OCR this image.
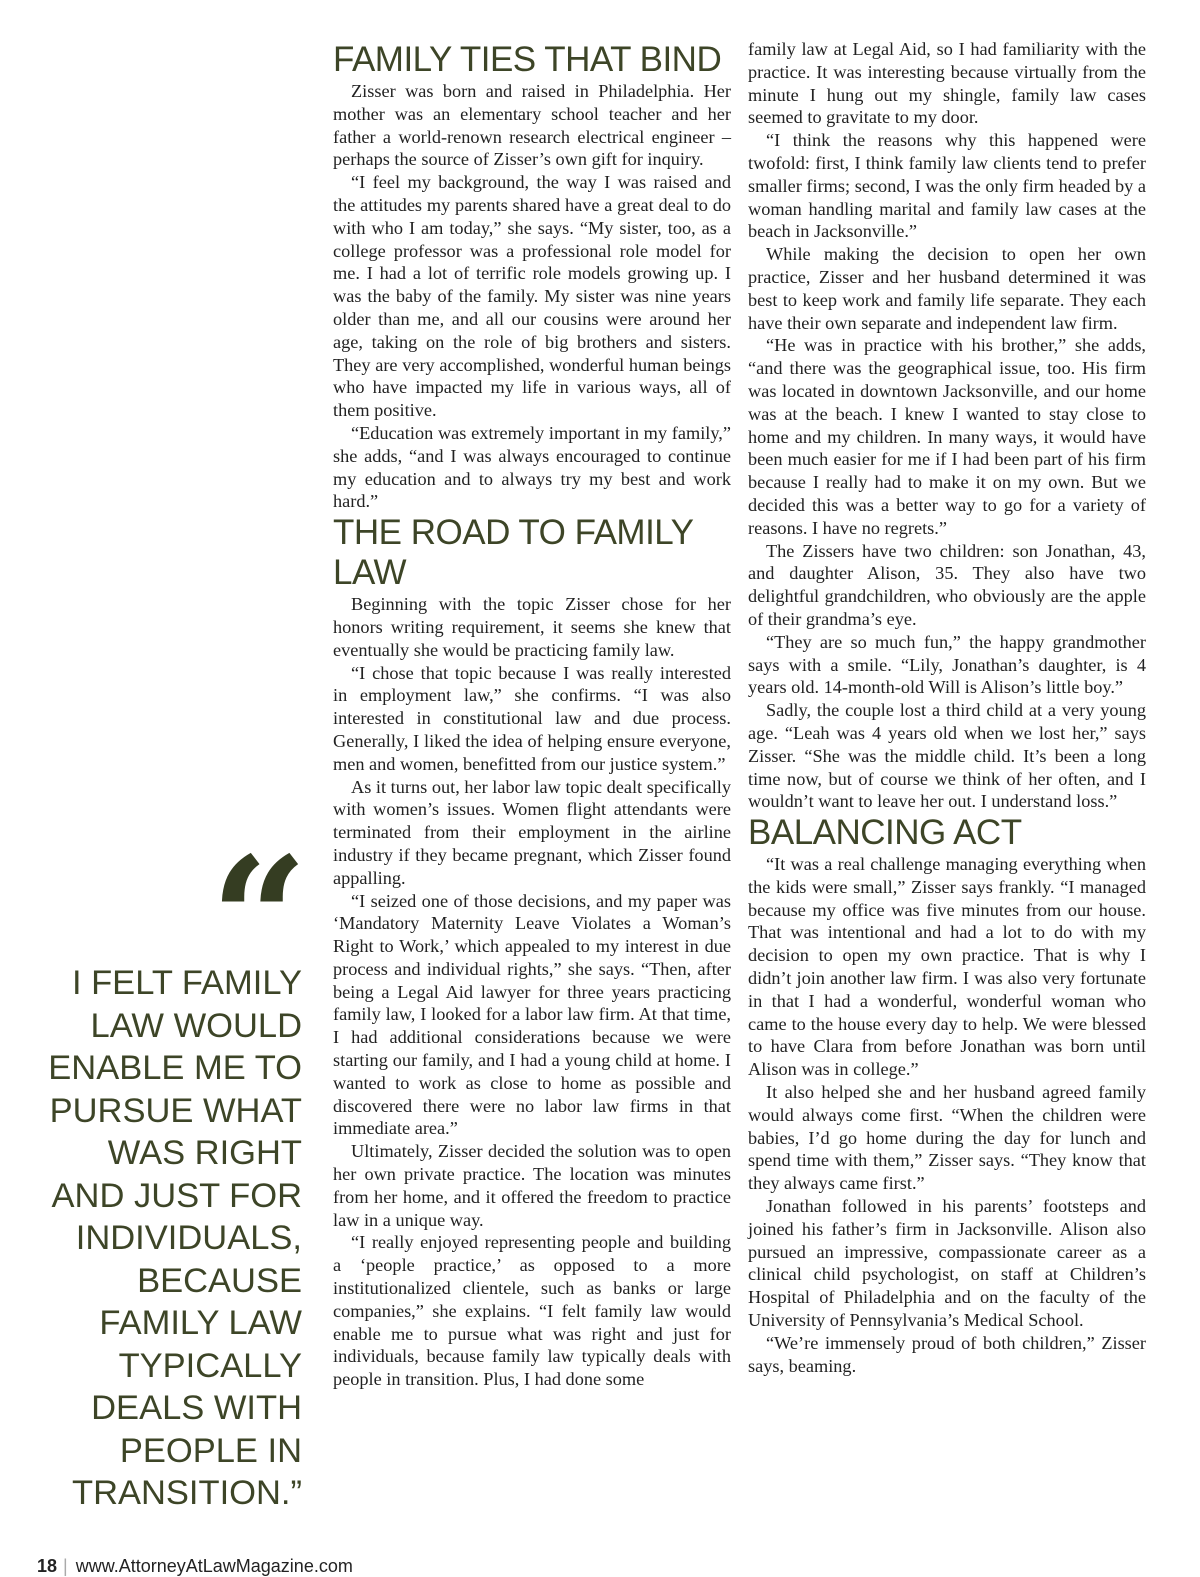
I FELT FAMILY LAW WOULD ENABLE ME TO PURSUE WHAT WAS RIGHT AND JUST FOR INDIVIDUALS, BECAUSE FAMILY LAW TYPICALLY DEALS WITH PEOPLE IN TRANSITION.”
FAMILY TIES THAT BIND

Zisser was born and raised in Philadelphia. Her mother was an elementary school teacher and her father a world-renown research electrical engineer – perhaps the source of Zisser’s own gift for inquiry.

“I feel my background, the way I was raised and the attitudes my parents shared have a great deal to do with who I am today,” she says. “My sister, too, as a college professor was a professional role model for me. I had a lot of terrific role models growing up. I was the baby of the family. My sister was nine years older than me, and all our cousins were around her age, taking on the role of big brothers and sisters. They are very accomplished, wonderful human beings who have impacted my life in various ways, all of them positive.

“Education was extremely important in my family,” she adds, “and I was always encouraged to continue my education and to always try my best and work hard.”

THE ROAD TO FAMILY LAW

Beginning with the topic Zisser chose for her honors writing requirement, it seems she knew that eventually she would be practicing family law.

“I chose that topic because I was really interested in employment law,” she confirms. “I was also interested in constitutional law and due process. Generally, I liked the idea of helping ensure everyone, men and women, benefitted from our justice system.”

As it turns out, her labor law topic dealt specifically with women’s issues. Women flight attendants were terminated from their employment in the airline industry if they became pregnant, which Zisser found appalling.

“I seized one of those decisions, and my paper was ‘Mandatory Maternity Leave Violates a Woman’s Right to Work,’ which appealed to my interest in due process and individual rights,” she says. “Then, after being a Legal Aid lawyer for three years practicing family law, I looked for a labor law firm. At that time, I had additional considerations because we were starting our family, and I had a young child at home. I wanted to work as close to home as possible and discovered there were no labor law firms in that immediate area.”

Ultimately, Zisser decided the solution was to open her own private practice. The location was minutes from her home, and it offered the freedom to practice law in a unique way.

“I really enjoyed representing people and building a ‘people practice,’ as opposed to a more institutionalized clientele, such as banks or large companies,” she explains. “I felt family law would enable me to pursue what was right and just for individuals, because family law typically deals with people in transition. Plus, I had done some

family law at Legal Aid, so I had familiarity with the practice. It was interesting because virtually from the minute I hung out my shingle, family law cases seemed to gravitate to my door.

“I think the reasons why this happened were twofold: first, I think family law clients tend to prefer smaller firms; second, I was the only firm headed by a woman handling marital and family law cases at the beach in Jacksonville.”

While making the decision to open her own practice, Zisser and her husband determined it was best to keep work and family life separate. They each have their own separate and independent law firm.

“He was in practice with his brother,” she adds, “and there was the geographical issue, too. His firm was located in downtown Jacksonville, and our home was at the beach. I knew I wanted to stay close to home and my children. In many ways, it would have been much easier for me if I had been part of his firm because I really had to make it on my own. But we decided this was a better way to go for a variety of reasons. I have no regrets.”

The Zissers have two children: son Jonathan, 43, and daughter Alison, 35. They also have two delightful grandchildren, who obviously are the apple of their grandma’s eye.

“They are so much fun,” the happy grandmother says with a smile. “Lily, Jonathan’s daughter, is 4 years old. 14-month-old Will is Alison’s little boy.”

Sadly, the couple lost a third child at a very young age. “Leah was 4 years old when we lost her,” says Zisser. “She was the middle child. It’s been a long time now, but of course we think of her often, and I wouldn’t want to leave her out. I understand loss.”

BALANCING ACT

“It was a real challenge managing everything when the kids were small,” Zisser says frankly. “I managed because my office was five minutes from our house. That was intentional and had a lot to do with my decision to open my own practice. That is why I didn’t join another law firm. I was also very fortunate in that I had a wonderful, wonderful woman who came to the house every day to help. We were blessed to have Clara from before Jonathan was born until Alison was in college.”

It also helped she and her husband agreed family would always come first. “When the children were babies, I’d go home during the day for lunch and spend time with them,” Zisser says. “They know that they always came first.”

Jonathan followed in his parents’ footsteps and joined his father’s firm in Jacksonville. Alison also pursued an impressive, compassionate career as a clinical child psychologist, on staff at Children’s Hospital of Philadelphia and on the faculty of the University of Pennsylvania’s Medical School.

“We’re immensely proud of both children,” Zisser says, beaming.

18 | www.AttorneyAtLawMagazine.com
